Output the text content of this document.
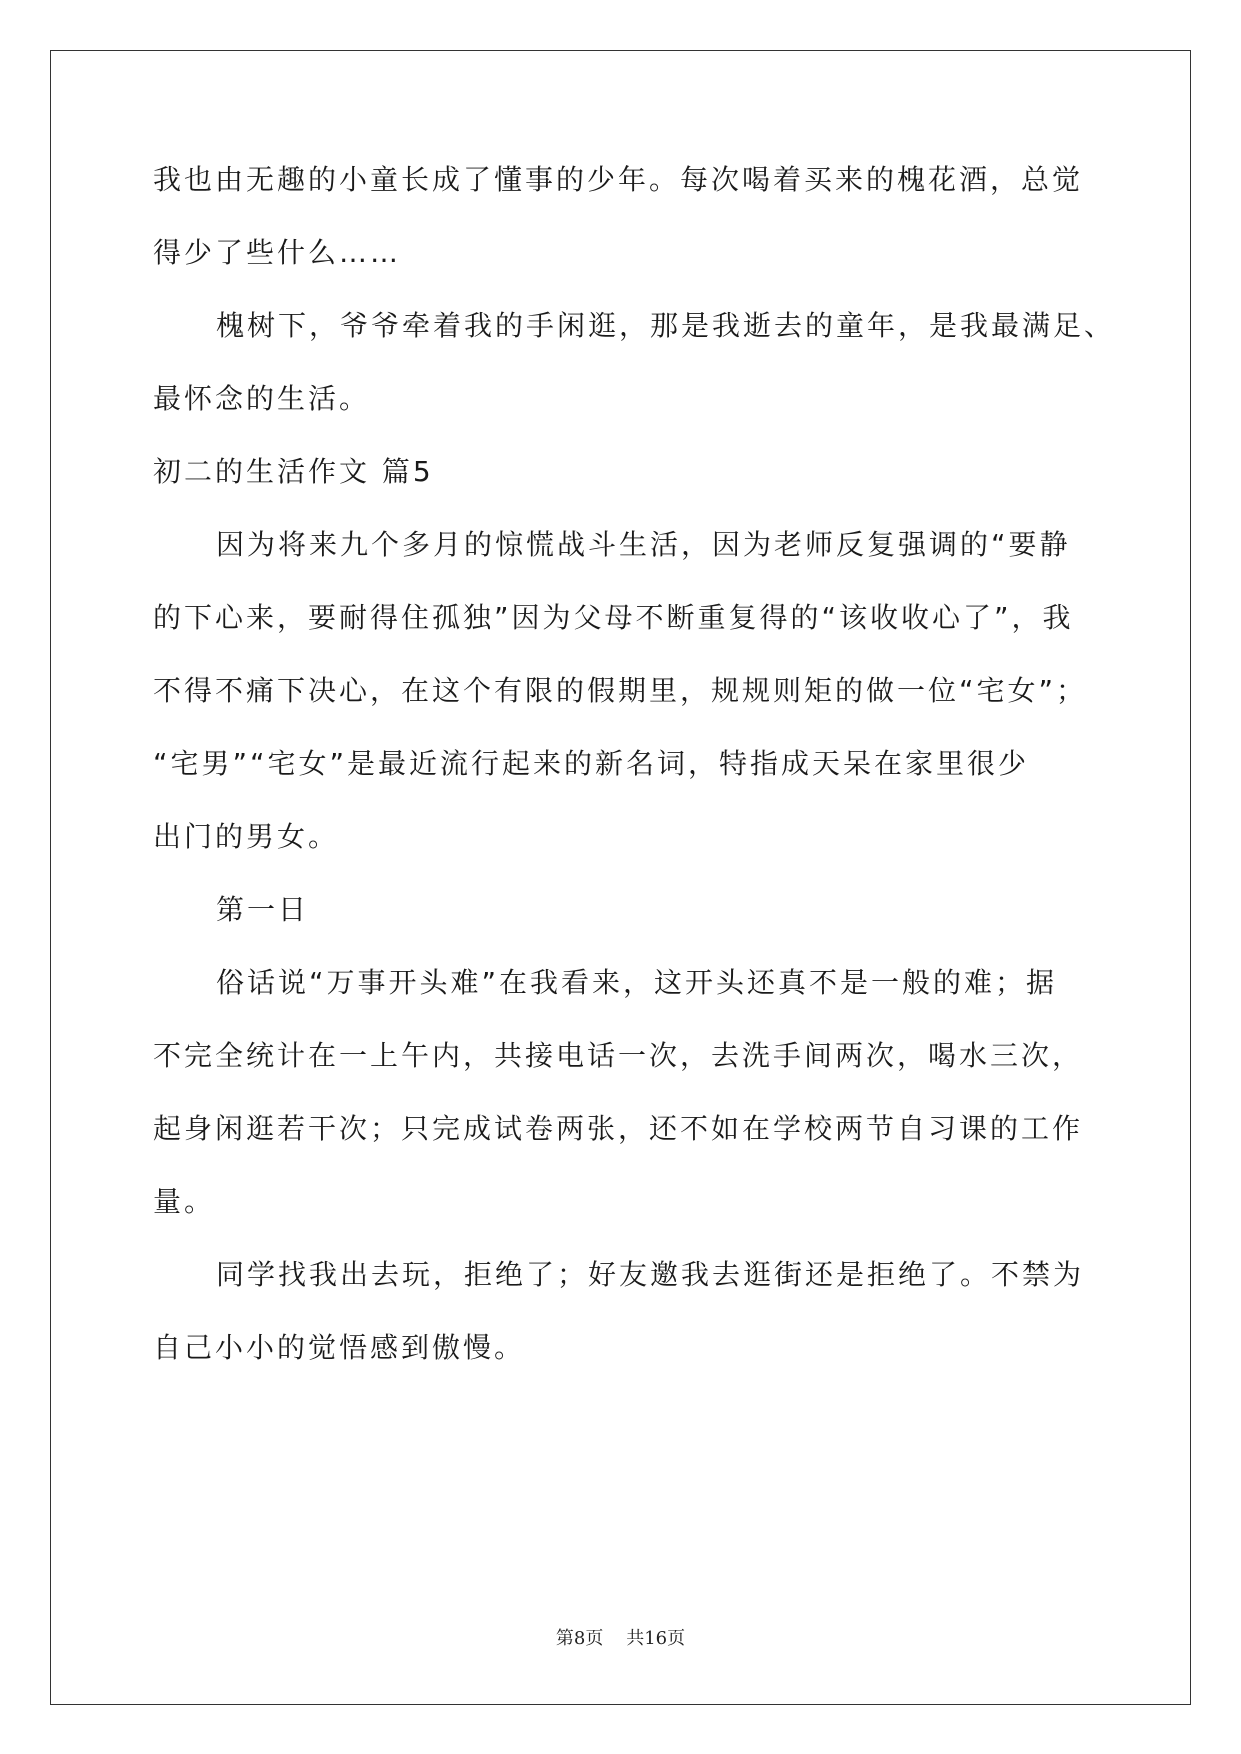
我也由无趣的小童长成了懂事的少年。每次喝着买来的槐花酒，总觉
得少了些什么……
槐树下，爷爷牵着我的手闲逛，那是我逝去的童年，是我最满足、
最怀念的生活。
初二的生活作文 篇5
因为将来九个多月的惊慌战斗生活，因为老师反复强调的“要静
的下心来，要耐得住孤独”因为父母不断重复得的“该收收心了”，我
不得不痛下决心，在这个有限的假期里，规规则矩的做一位“宅女”；
“宅男”“宅女”是最近流行起来的新名词，特指成天呆在家里很少
出门的男女。
第一日
俗话说“万事开头难”在我看来，这开头还真不是一般的难；据
不完全统计在一上午内，共接电话一次，去洗手间两次，喝水三次，
起身闲逛若干次；只完成试卷两张，还不如在学校两节自习课的工作
量。
同学找我出去玩，拒绝了；好友邀我去逛街还是拒绝了。不禁为
自己小小的觉悟感到傲慢。
第8页 共16页
